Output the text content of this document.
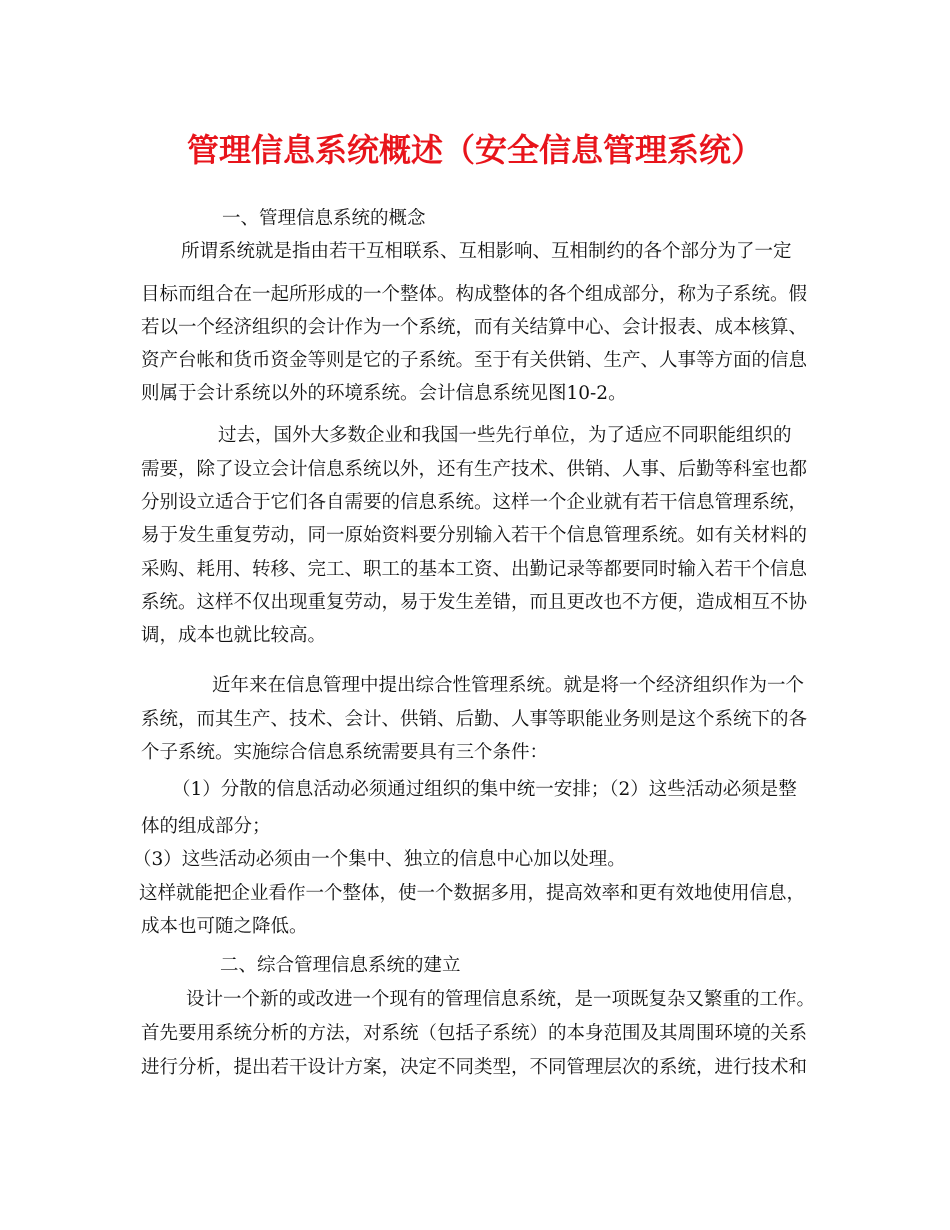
管理信息系统概述（安全信息管理系统）
一、管理信息系统的概念
所谓系统就是指由若干互相联系、互相影响、互相制约的各个部分为了一定
目标而组合在一起所形成的一个整体。构成整体的各个组成部分，称为子系统。假
若以一个经济组织的会计作为一个系统，而有关结算中心、会计报表、成本核算、
资产台帐和货币资金等则是它的子系统。至于有关供销、生产、人事等方面的信息
则属于会计系统以外的环境系统。会计信息系统见图10-2。
过去，国外大多数企业和我国一些先行单位，为了适应不同职能组织的
需要，除了设立会计信息系统以外，还有生产技术、供销、人事、后勤等科室也都
分别设立适合于它们各自需要的信息系统。这样一个企业就有若干信息管理系统，
易于发生重复劳动，同一原始资料要分别输入若干个信息管理系统。如有关材料的
采购、耗用、转移、完工、职工的基本工资、出勤记录等都要同时输入若干个信息
系统。这样不仅出现重复劳动，易于发生差错，而且更改也不方便，造成相互不协
调，成本也就比较高。
近年来在信息管理中提出综合性管理系统。就是将一个经济组织作为一个
系统，而其生产、技术、会计、供销、后勤、人事等职能业务则是这个系统下的各
个子系统。实施综合信息系统需要具有三个条件：
（1）分散的信息活动必须通过组织的集中统一安排；（2）这些活动必须是整
体的组成部分；
（3）这些活动必须由一个集中、独立的信息中心加以处理。
这样就能把企业看作一个整体，使一个数据多用，提高效率和更有效地使用信息，
成本也可随之降低。
二、综合管理信息系统的建立
设计一个新的或改进一个现有的管理信息系统，是一项既复杂又繁重的工作。
首先要用系统分析的方法，对系统（包括子系统）的本身范围及其周围环境的关系
进行分析，提出若干设计方案，决定不同类型，不同管理层次的系统，进行技术和
